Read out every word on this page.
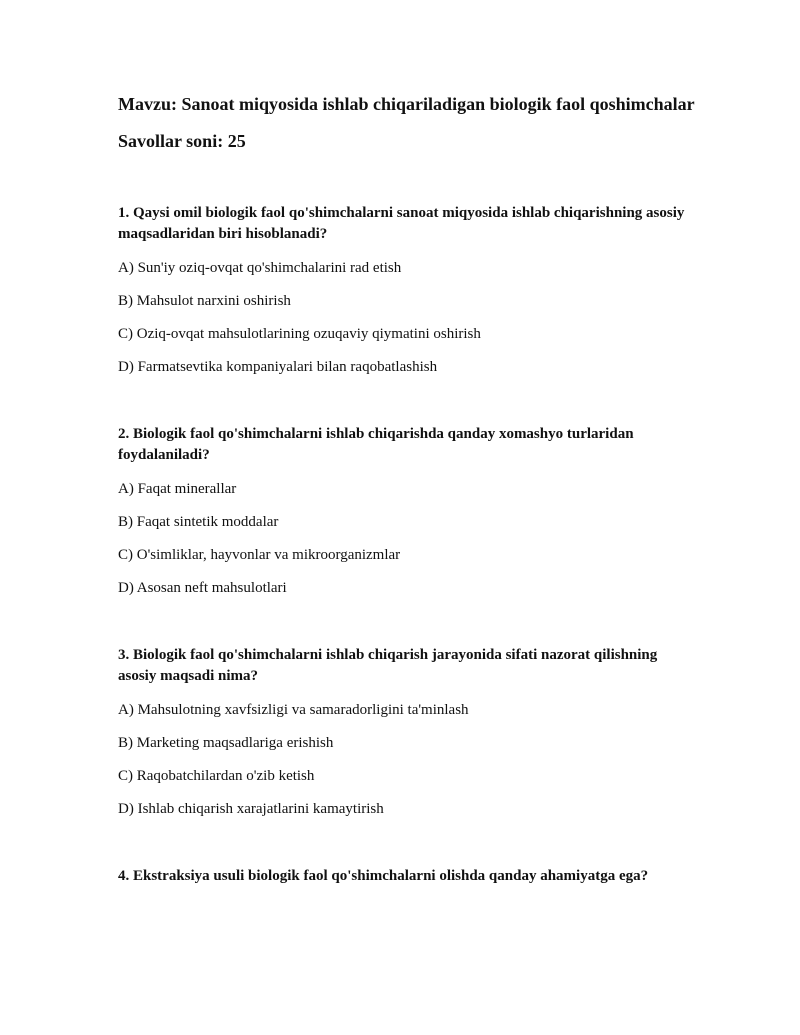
Mavzu: Sanoat miqyosida ishlab chiqariladigan biologik faol qoshimchalar

Savollar soni: 25

1. Qaysi omil biologik faol qo'shimchalarni sanoat miqyosida ishlab chiqarishning asosiy maqsadlaridan biri hisoblanadi?

A) Sun'iy oziq-ovqat qo'shimchalarini rad etish

B) Mahsulot narxini oshirish

C) Oziq-ovqat mahsulotlarining ozuqaviy qiymatini oshirish

D) Farmatsevtika kompaniyalari bilan raqobatlashish

2. Biologik faol qo'shimchalarni ishlab chiqarishda qanday xomashyo turlaridan foydalaniladi?

A) Faqat minerallar

B) Faqat sintetik moddalar

C) O'simliklar, hayvonlar va mikroorganizmlar

D) Asosan neft mahsulotlari

3. Biologik faol qo'shimchalarni ishlab chiqarish jarayonida sifati nazorat qilishning asosiy maqsadi nima?

A) Mahsulotning xavfsizligi va samaradorligini ta'minlash

B) Marketing maqsadlariga erishish

C) Raqobatchilardan o'zib ketish

D) Ishlab chiqarish xarajatlarini kamaytirish

4. Ekstraksiya usuli biologik faol qo'shimchalarni olishda qanday ahamiyatga ega?
